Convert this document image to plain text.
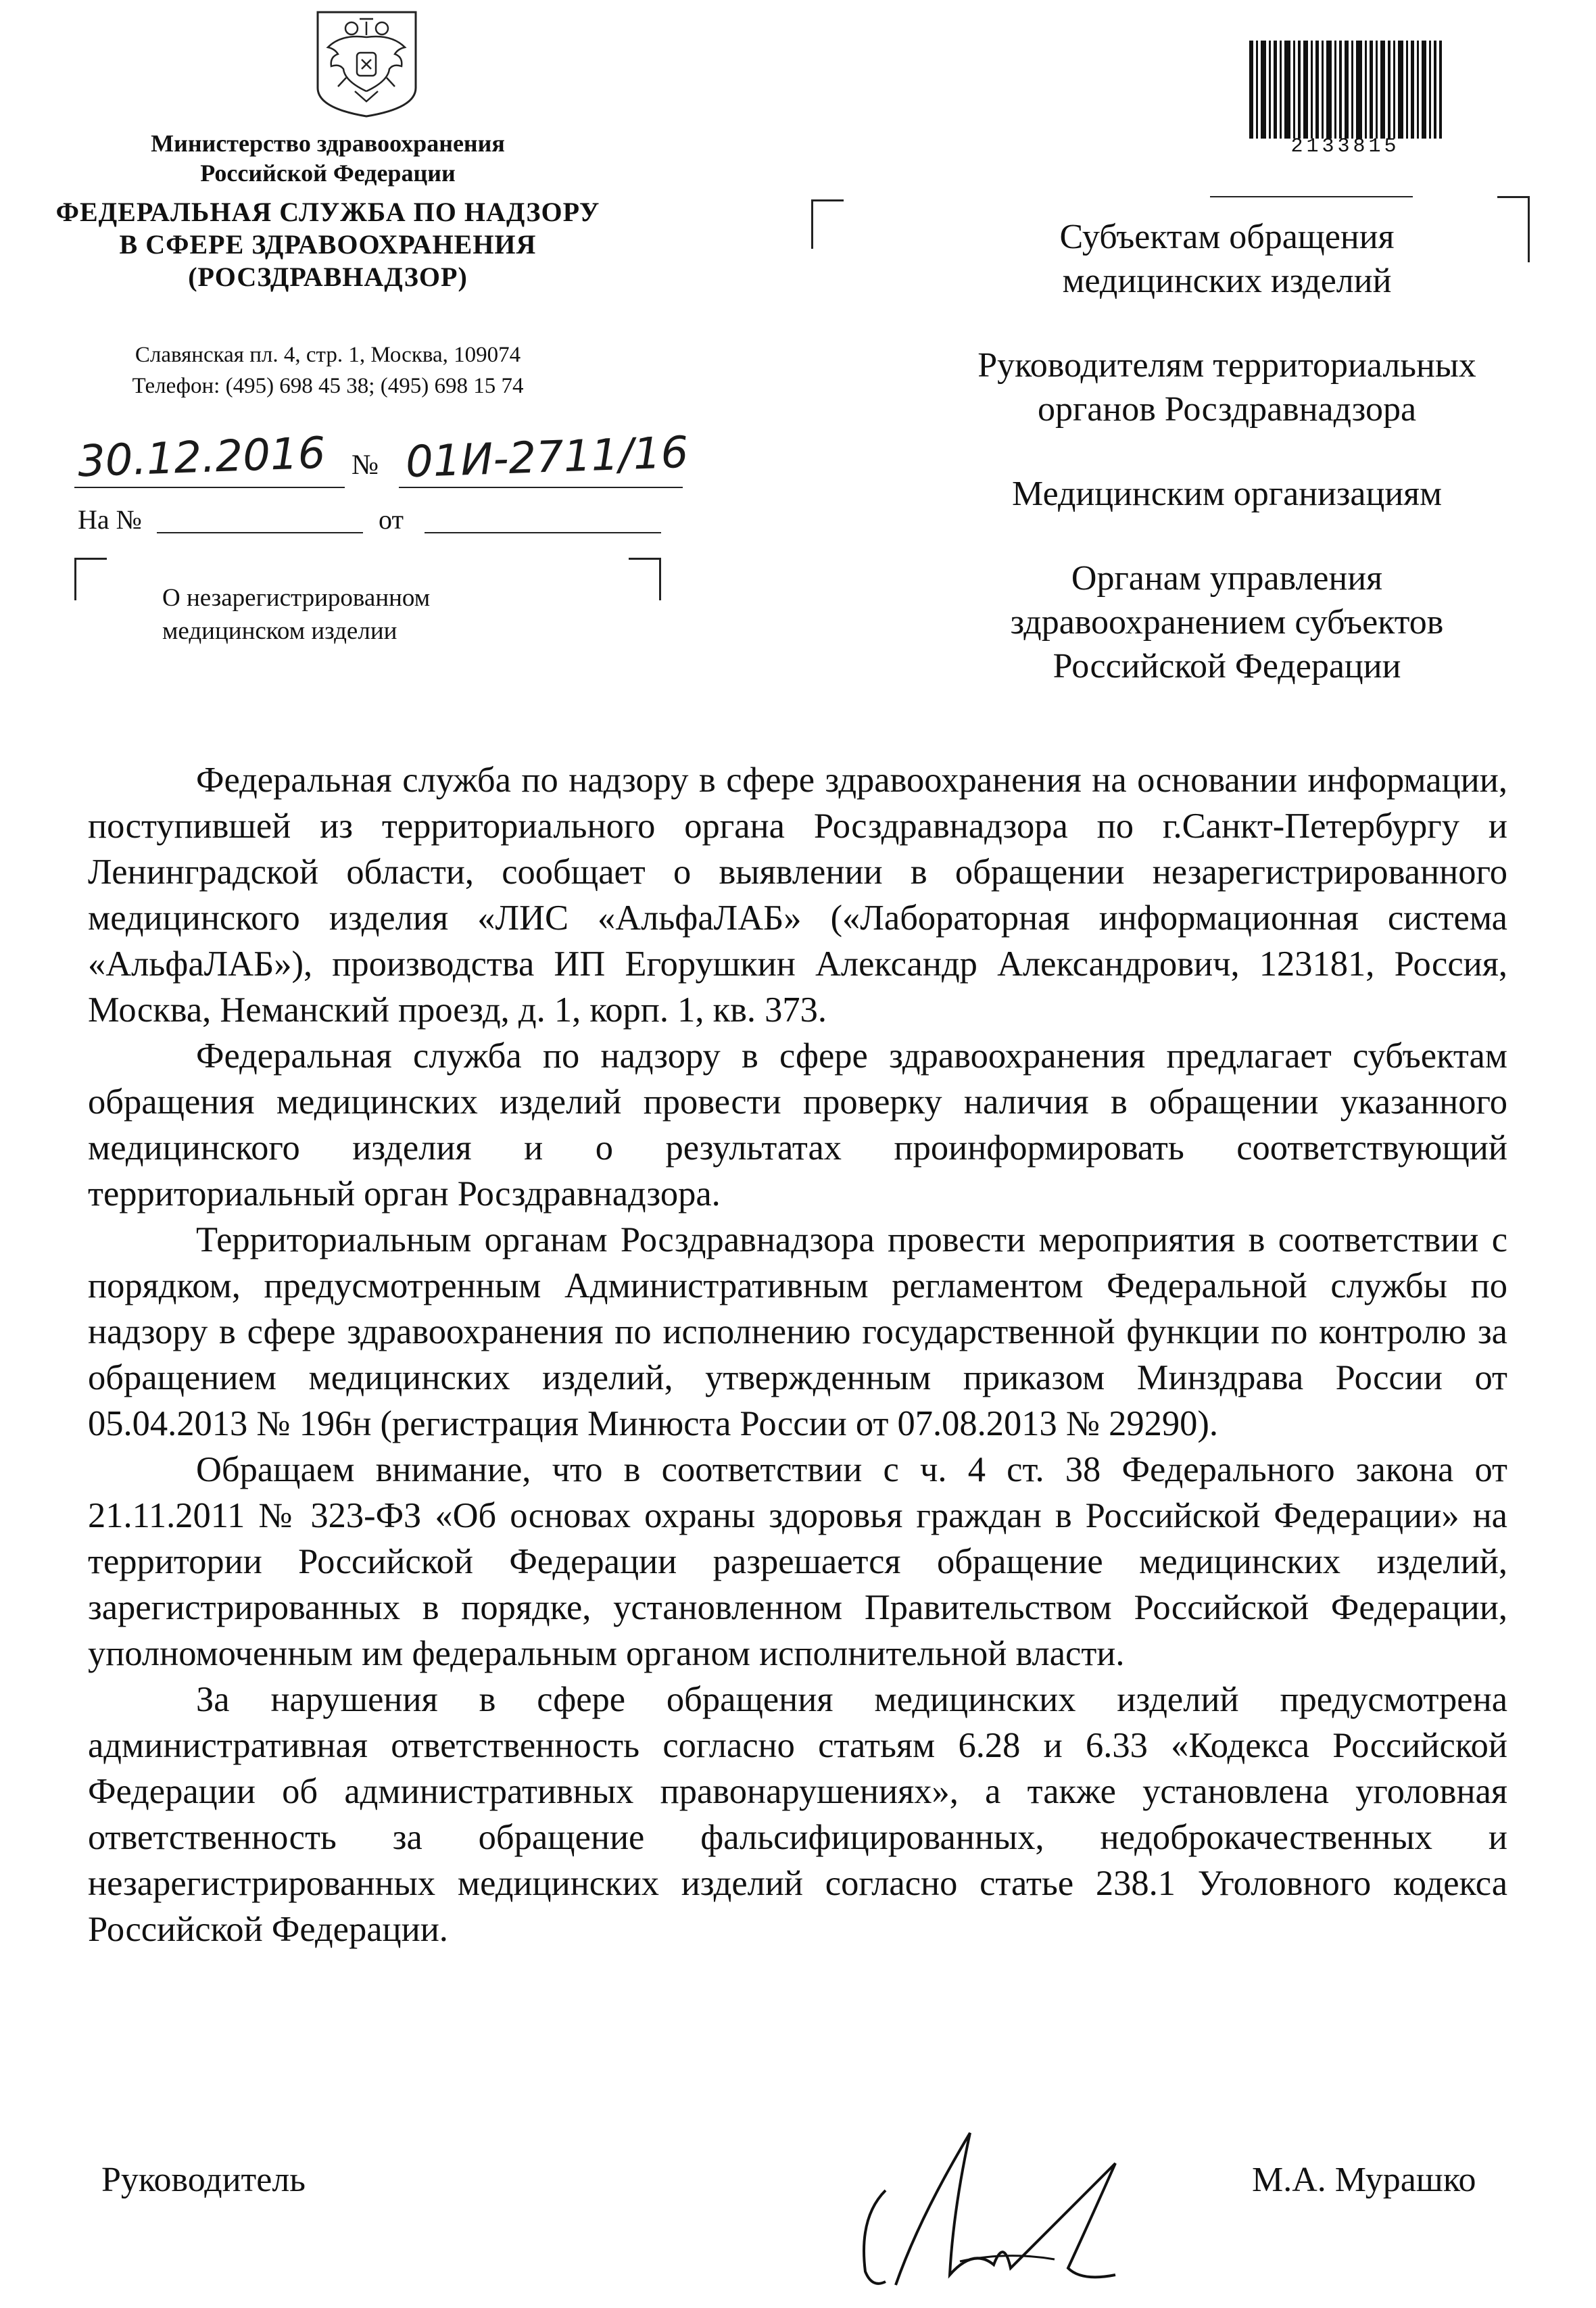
Министерство здравоохранения
Российской Федерации
ФЕДЕРАЛЬНАЯ СЛУЖБА ПО НАДЗОРУ
В СФЕРЕ ЗДРАВООХРАНЕНИЯ
(РОСЗДРАВНАДЗОР)
Славянская пл. 4, стр. 1, Москва, 109074
Телефон: (495) 698 45 38; (495) 698 15 74
30.12.2016 № 01И-2711/16
На №	от
О незарегистрированном
медицинском изделии
2133815

Субъектам обращения
медицинских изделий

Руководителям территориальных
органов Росздравнадзора

Медицинским организациям

Органам управления
здравоохранением субъектов
Российской Федерации

Федеральная служба по надзору в сфере здравоохранения на основании информации, поступившей из территориального органа Росздравнадзора по г.Санкт-Петербургу и Ленинградской области, сообщает о выявлении в обращении незарегистрированного медицинского изделия «ЛИС «АльфаЛАБ» («Лабораторная информационная система «АльфаЛАБ»), производства ИП Егорушкин Александр Александрович, 123181, Россия, Москва, Неманский проезд, д. 1, корп. 1, кв. 373.

Федеральная служба по надзору в сфере здравоохранения предлагает субъектам обращения медицинских изделий провести проверку наличия в обращении указанного медицинского изделия и о результатах проинформировать соответствующий территориальный орган Росздравнадзора.

Территориальным органам Росздравнадзора провести мероприятия в соответствии с порядком, предусмотренным Административным регламентом Федеральной службы по надзору в сфере здравоохранения по исполнению государственной функции по контролю за обращением медицинских изделий, утвержденным приказом Минздрава России от 05.04.2013 № 196н (регистрация Минюста России от 07.08.2013 № 29290).

Обращаем внимание, что в соответствии с ч. 4 ст. 38 Федерального закона от 21.11.2011 № 323-ФЗ «Об основах охраны здоровья граждан в Российской Федерации» на территории Российской Федерации разрешается обращение медицинских изделий, зарегистрированных в порядке, установленном Правительством Российской Федерации, уполномоченным им федеральным органом исполнительной власти.

За нарушения в сфере обращения медицинских изделий предусмотрена административная ответственность согласно статьям 6.28 и 6.33 «Кодекса Российской Федерации об административных правонарушениях», а также установлена уголовная ответственность за обращение фальсифицированных, недоброкачественных и незарегистрированных медицинских изделий согласно статье 238.1 Уголовного кодекса Российской Федерации.

Руководитель	М.А. Мурашко
